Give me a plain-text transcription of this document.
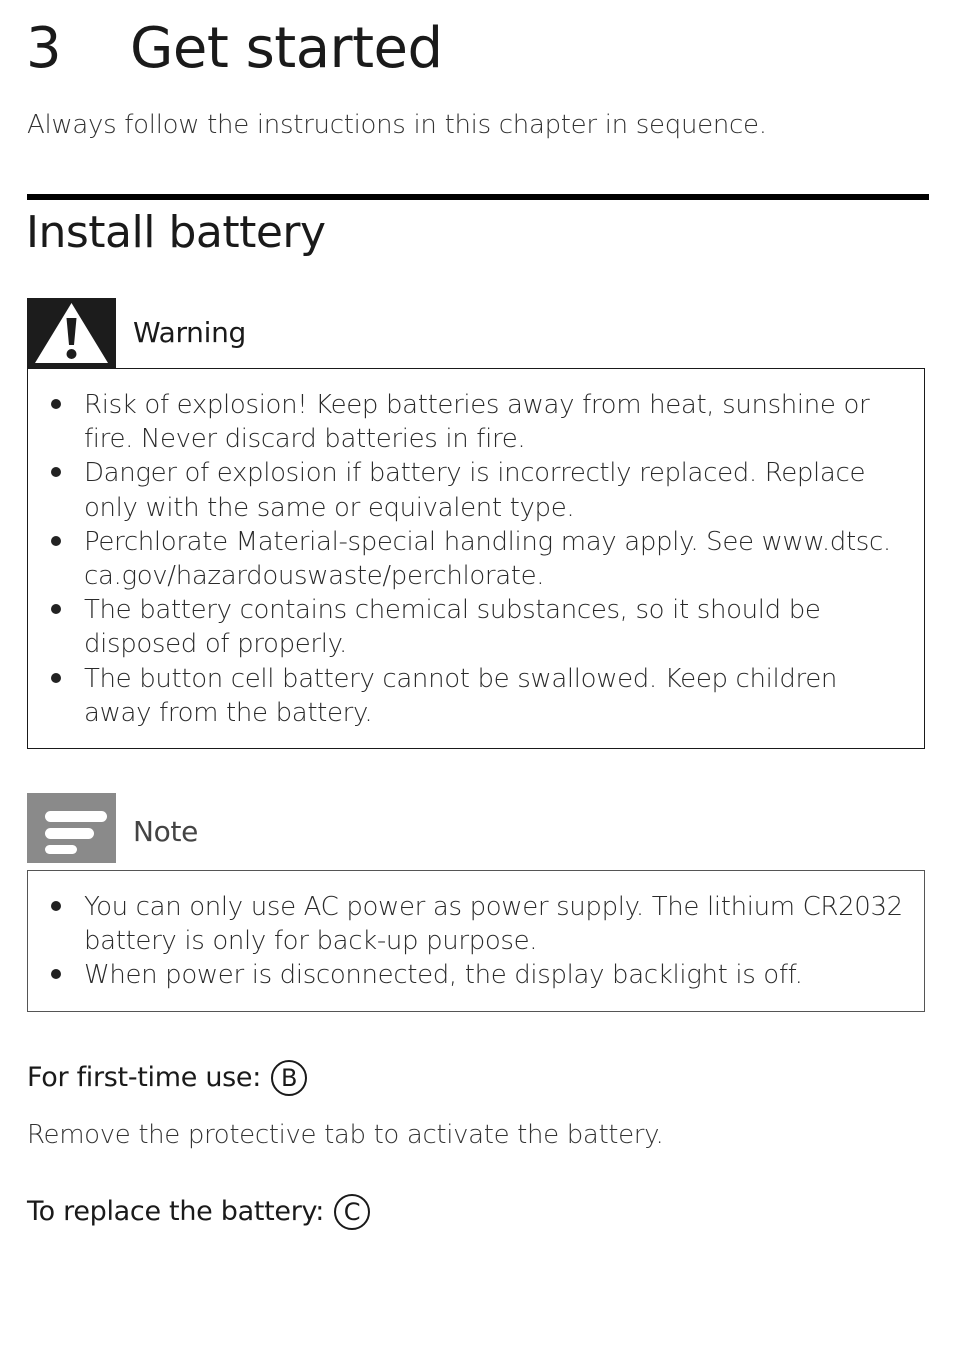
3 Get started
Always follow the instructions in this chapter in sequence.
Install battery
Warning
Risk of explosion! Keep batteries away from heat, sunshine or fire. Never discard batteries in fire.
Danger of explosion if battery is incorrectly replaced. Replace only with the same or equivalent type.
Perchlorate Material-special handling may apply. See www.dtsc. ca.gov/hazardouswaste/perchlorate.
The battery contains chemical substances, so it should be disposed of properly.
The button cell battery cannot be swallowed. Keep children away from the battery.
Note
You can only use AC power as power supply. The lithium CR2032 battery is only for back-up purpose.
When power is disconnected, the display backlight is off.
For first-time use: B
Remove the protective tab to activate the battery.
To replace the battery: C
